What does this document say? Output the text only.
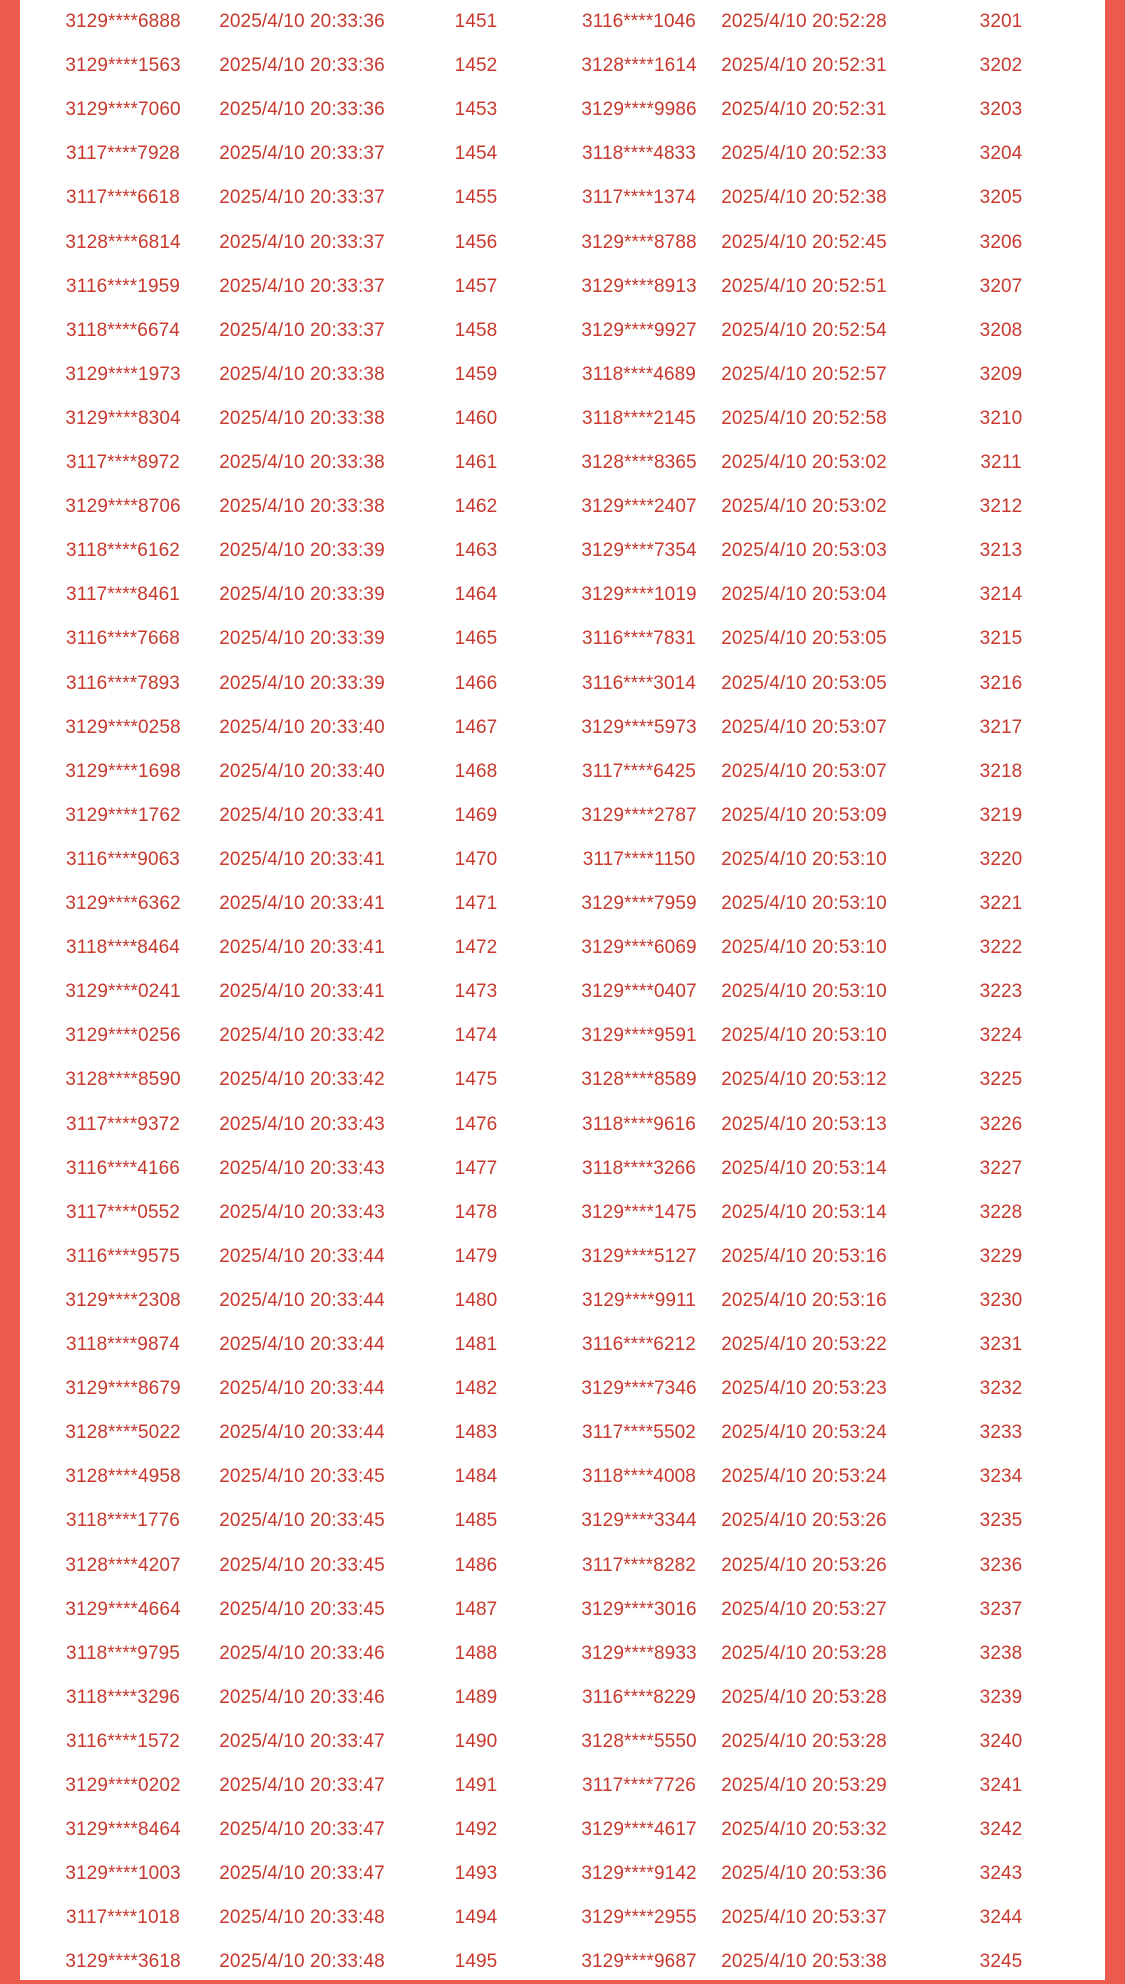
3129****6888	2025/4/10 20:33:36	1451	3116****1046	2025/4/10 20:52:28	3201
3129****1563	2025/4/10 20:33:36	1452	3128****1614	2025/4/10 20:52:31	3202
3129****7060	2025/4/10 20:33:36	1453	3129****9986	2025/4/10 20:52:31	3203
3117****7928	2025/4/10 20:33:37	1454	3118****4833	2025/4/10 20:52:33	3204
3117****6618	2025/4/10 20:33:37	1455	3117****1374	2025/4/10 20:52:38	3205
3128****6814	2025/4/10 20:33:37	1456	3129****8788	2025/4/10 20:52:45	3206
3116****1959	2025/4/10 20:33:37	1457	3129****8913	2025/4/10 20:52:51	3207
3118****6674	2025/4/10 20:33:37	1458	3129****9927	2025/4/10 20:52:54	3208
3129****1973	2025/4/10 20:33:38	1459	3118****4689	2025/4/10 20:52:57	3209
3129****8304	2025/4/10 20:33:38	1460	3118****2145	2025/4/10 20:52:58	3210
3117****8972	2025/4/10 20:33:38	1461	3128****8365	2025/4/10 20:53:02	3211
3129****8706	2025/4/10 20:33:38	1462	3129****2407	2025/4/10 20:53:02	3212
3118****6162	2025/4/10 20:33:39	1463	3129****7354	2025/4/10 20:53:03	3213
3117****8461	2025/4/10 20:33:39	1464	3129****1019	2025/4/10 20:53:04	3214
3116****7668	2025/4/10 20:33:39	1465	3116****7831	2025/4/10 20:53:05	3215
3116****7893	2025/4/10 20:33:39	1466	3116****3014	2025/4/10 20:53:05	3216
3129****0258	2025/4/10 20:33:40	1467	3129****5973	2025/4/10 20:53:07	3217
3129****1698	2025/4/10 20:33:40	1468	3117****6425	2025/4/10 20:53:07	3218
3129****1762	2025/4/10 20:33:41	1469	3129****2787	2025/4/10 20:53:09	3219
3116****9063	2025/4/10 20:33:41	1470	3117****1150	2025/4/10 20:53:10	3220
3129****6362	2025/4/10 20:33:41	1471	3129****7959	2025/4/10 20:53:10	3221
3118****8464	2025/4/10 20:33:41	1472	3129****6069	2025/4/10 20:53:10	3222
3129****0241	2025/4/10 20:33:41	1473	3129****0407	2025/4/10 20:53:10	3223
3129****0256	2025/4/10 20:33:42	1474	3129****9591	2025/4/10 20:53:10	3224
3128****8590	2025/4/10 20:33:42	1475	3128****8589	2025/4/10 20:53:12	3225
3117****9372	2025/4/10 20:33:43	1476	3118****9616	2025/4/10 20:53:13	3226
3116****4166	2025/4/10 20:33:43	1477	3118****3266	2025/4/10 20:53:14	3227
3117****0552	2025/4/10 20:33:43	1478	3129****1475	2025/4/10 20:53:14	3228
3116****9575	2025/4/10 20:33:44	1479	3129****5127	2025/4/10 20:53:16	3229
3129****2308	2025/4/10 20:33:44	1480	3129****9911	2025/4/10 20:53:16	3230
3118****9874	2025/4/10 20:33:44	1481	3116****6212	2025/4/10 20:53:22	3231
3129****8679	2025/4/10 20:33:44	1482	3129****7346	2025/4/10 20:53:23	3232
3128****5022	2025/4/10 20:33:44	1483	3117****5502	2025/4/10 20:53:24	3233
3128****4958	2025/4/10 20:33:45	1484	3118****4008	2025/4/10 20:53:24	3234
3118****1776	2025/4/10 20:33:45	1485	3129****3344	2025/4/10 20:53:26	3235
3128****4207	2025/4/10 20:33:45	1486	3117****8282	2025/4/10 20:53:26	3236
3129****4664	2025/4/10 20:33:45	1487	3129****3016	2025/4/10 20:53:27	3237
3118****9795	2025/4/10 20:33:46	1488	3129****8933	2025/4/10 20:53:28	3238
3118****3296	2025/4/10 20:33:46	1489	3116****8229	2025/4/10 20:53:28	3239
3116****1572	2025/4/10 20:33:47	1490	3128****5550	2025/4/10 20:53:28	3240
3129****0202	2025/4/10 20:33:47	1491	3117****7726	2025/4/10 20:53:29	3241
3129****8464	2025/4/10 20:33:47	1492	3129****4617	2025/4/10 20:53:32	3242
3129****1003	2025/4/10 20:33:47	1493	3129****9142	2025/4/10 20:53:36	3243
3117****1018	2025/4/10 20:33:48	1494	3129****2955	2025/4/10 20:53:37	3244
3129****3618	2025/4/10 20:33:48	1495	3129****9687	2025/4/10 20:53:38	3245
